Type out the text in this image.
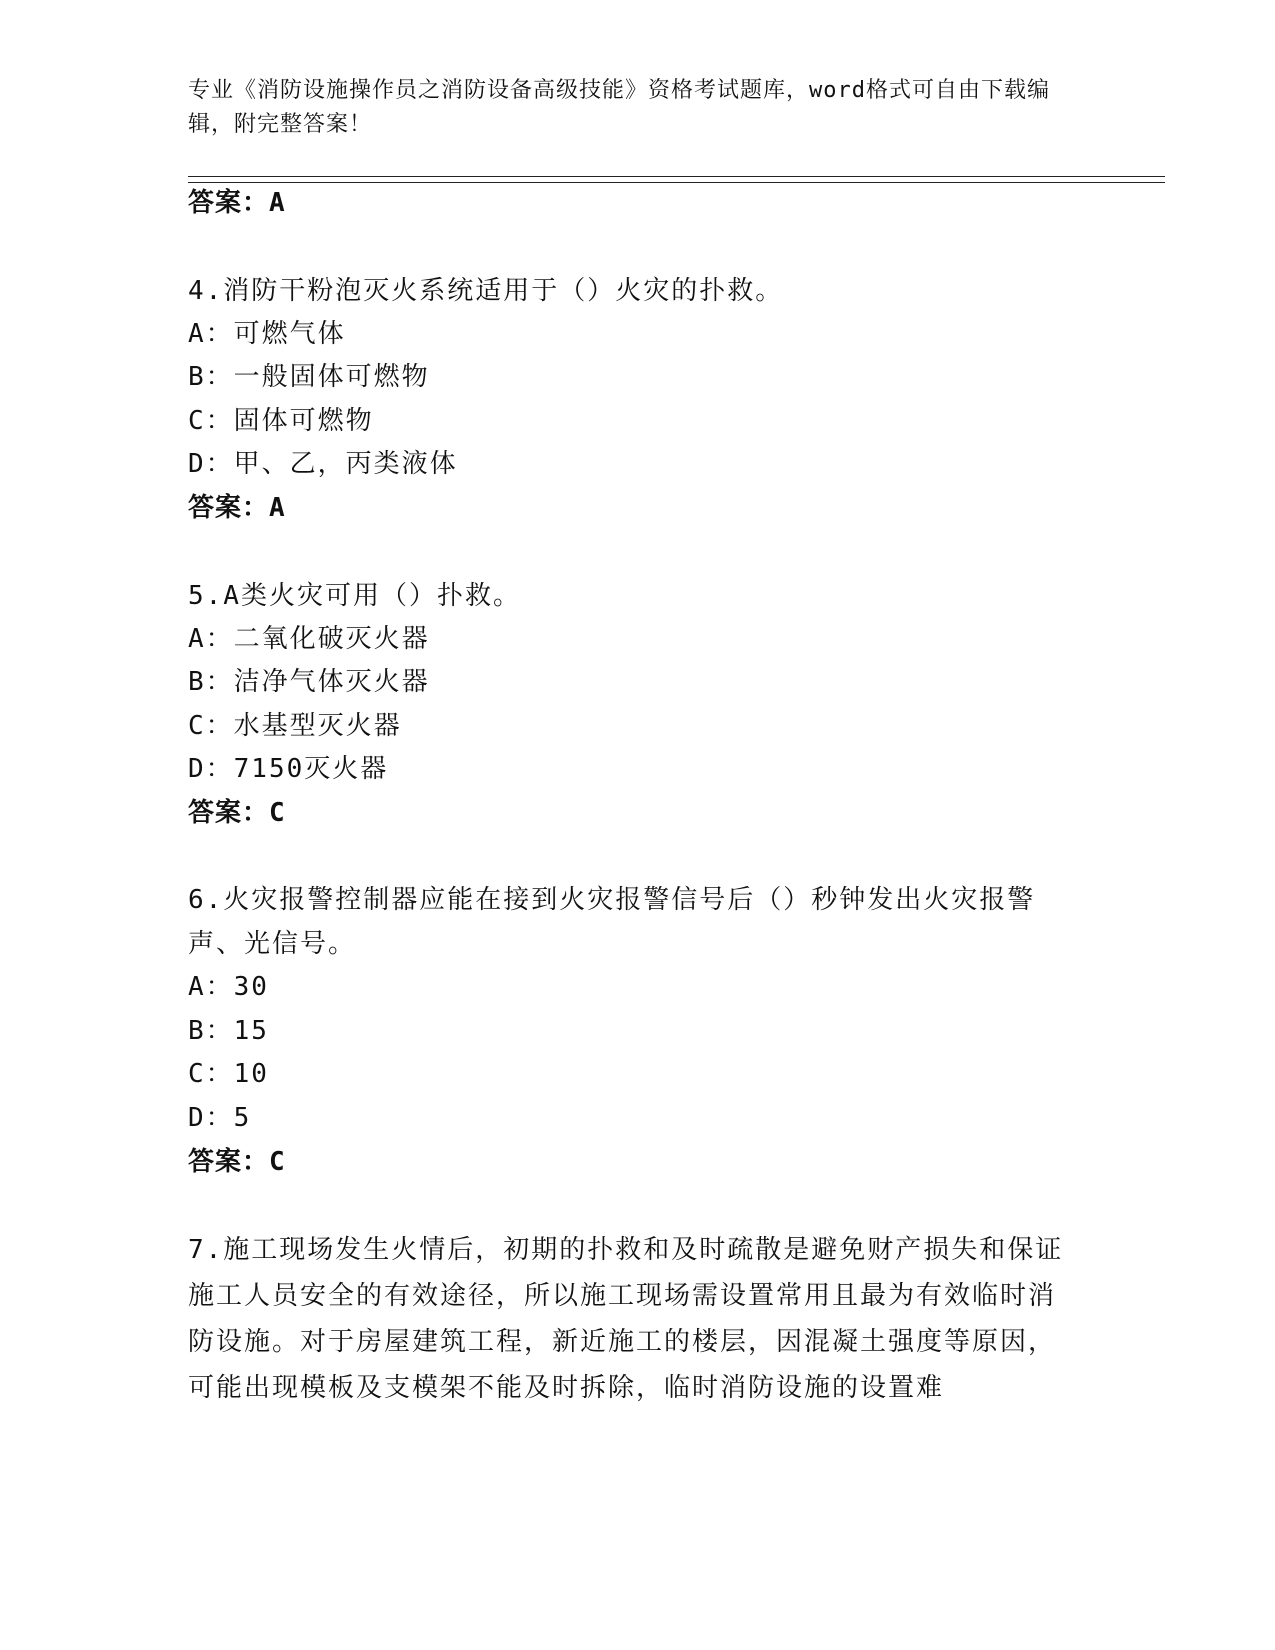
专业《消防设施操作员之消防设备高级技能》资格考试题库，word格式可自由下载编辑，附完整答案！
答案：A
4.消防干粉泡灭火系统适用于（）火灾的扑救。
A：可燃气体
B：一般固体可燃物
C：固体可燃物
D：甲、乙，丙类液体
答案：A
5.A类火灾可用（）扑救。
A：二氧化破灭火器
B：洁净气体灭火器
C：水基型灭火器
D：7150灭火器
答案：C
6.火灾报警控制器应能在接到火灾报警信号后（）秒钟发出火灾报警
声、光信号。
A：30
B：15
C：10
D：5
答案：C
7.施工现场发生火情后，初期的扑救和及时疏散是避免财产损失和保证施工人员安全的有效途径，所以施工现场需设置常用且最为有效临时消防设施。对于房屋建筑工程，新近施工的楼层，因混凝土强度等原因，可能出现模板及支模架不能及时拆除，临时消防设施的设置难
